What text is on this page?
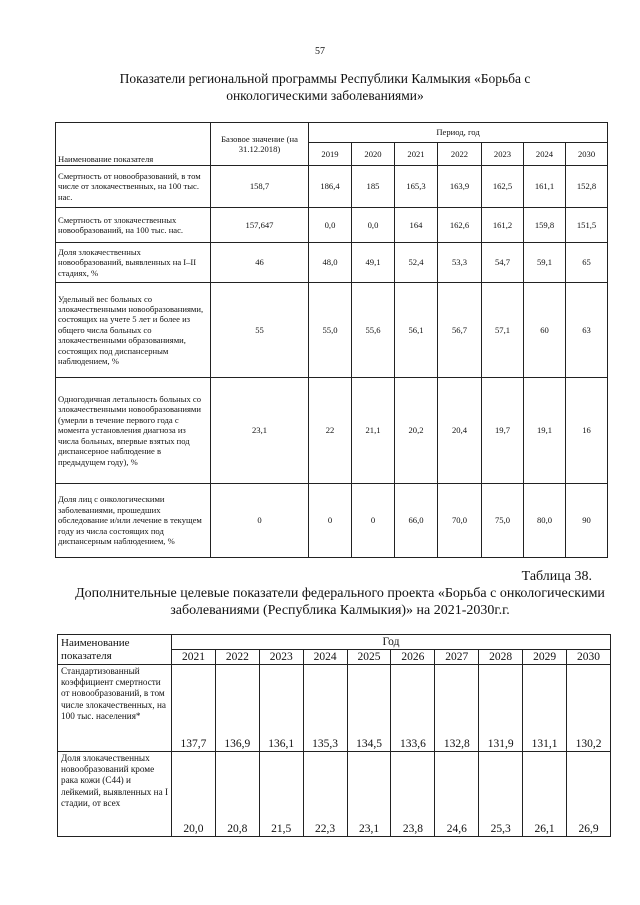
57
Показатели региональной программы Республики Калмыкия «Борьба с онкологическими заболеваниями»
Наименование показателя	Базовое значение (на 31.12.2018)	Период, год						
		2019	2020	2021	2022	2023	2024	2030
Смертность от новообразований, в том числе от злокачественных, на 100 тыс. нас.	158,7	186,4	185	165,3	163,9	162,5	161,1	152,8
Смертность от злокачественных новообразований, на 100 тыс. нас.	157,647	0,0	0,0	164	162,6	161,2	159,8	151,5
Доля злокачественных новообразований, выявленных на I–II стадиях, %	46	48,0	49,1	52,4	53,3	54,7	59,1	65
Удельный вес больных со злокачественными новообразованиями, состоящих на учете 5 лет и более из общего числа больных со злокачественными образованиями, состоящих под диспансерным наблюдением, %	55	55,0	55,6	56,1	56,7	57,1	60	63
Одногодичная летальность больных со злокачественными новообразованиями (умерли в течение первого года с момента установления диагноза из числа больных, впервые взятых под диспансерное наблюдение в предыдущем году), %	23,1	22	21,1	20,2	20,4	19,7	19,1	16
Доля лиц с онкологическими заболеваниями, прошедших обследование и/или лечение в текущем году из числа состоящих под диспансерным наблюдением, %	0	0	0	66,0	70,0	75,0	80,0	90
Таблица 38.
Дополнительные целевые показатели федерального проекта «Борьба с онкологическими заболеваниями (Республика Калмыкия)» на 2021-2030г.г.
Наименование показателя	Год									
	2021	2022	2023	2024	2025	2026	2027	2028	2029	2030
Стандартизованный коэффициент смертности от новообразований, в том числе злокачественных, на 100 тыс. населения*	137,7	136,9	136,1	135,3	134,5	133,6	132,8	131,9	131,1	130,2
Доля злокачественных новообразований кроме рака кожи (С44) и лейкемий, выявленных на I стадии, от всех	20,0	20,8	21,5	22,3	23,1	23,8	24,6	25,3	26,1	26,9
